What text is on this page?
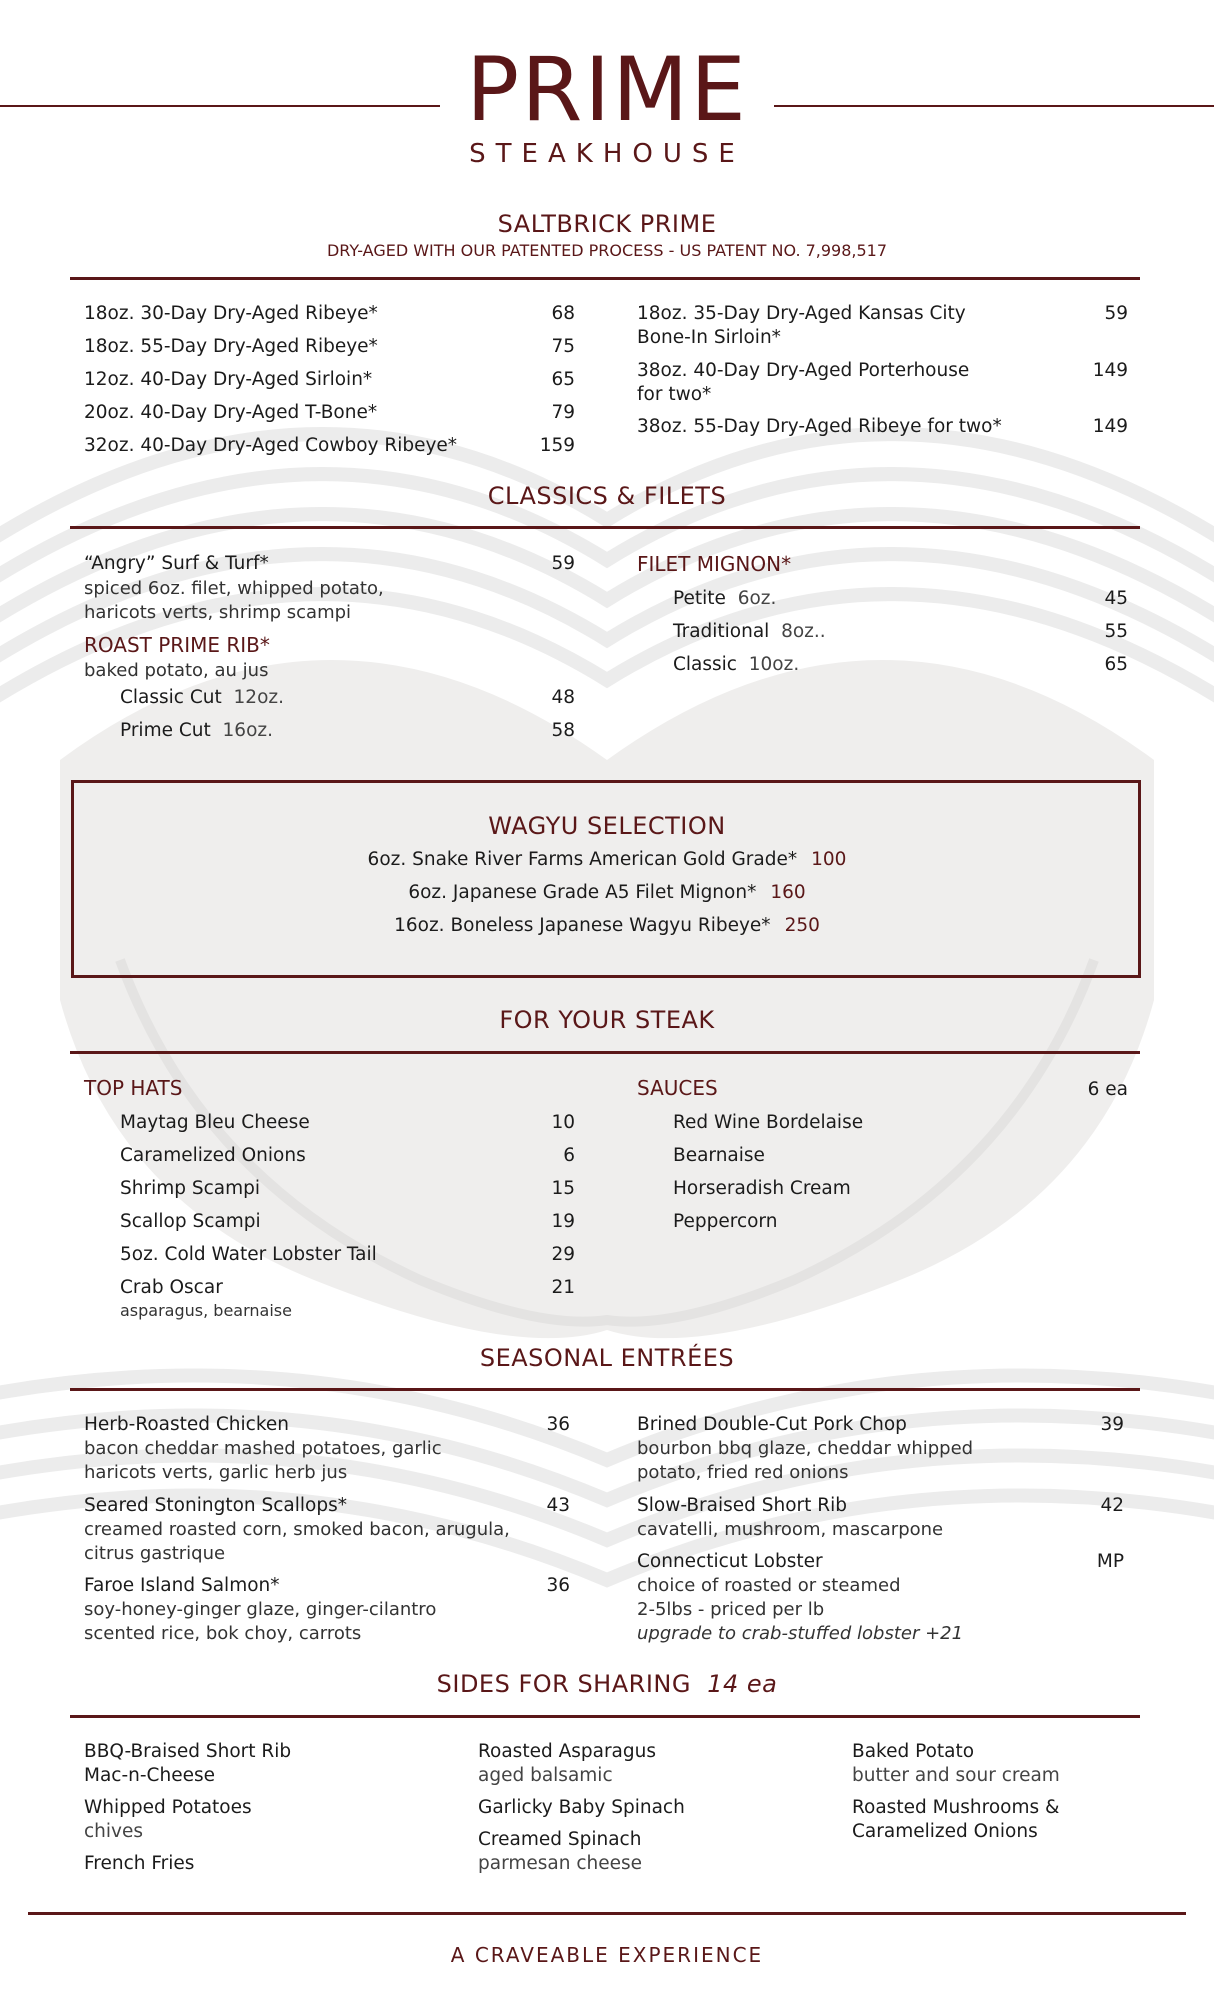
PRIME
STEAKHOUSE
SALTBRICK PRIME
DRY-AGED WITH OUR PATENTED PROCESS - US PATENT NO. 7,998,517
18oz. 30-Day Dry-Aged Ribeye*	68
18oz. 55-Day Dry-Aged Ribeye*	75
12oz. 40-Day Dry-Aged Sirloin*	65
20oz. 40-Day Dry-Aged T-Bone*	79
32oz. 40-Day Dry-Aged Cowboy Ribeye*	159
18oz. 35-Day Dry-Aged Kansas City	59

Bone-In Sirloin*
38oz. 40-Day Dry-Aged Porterhouse	149

for two*
38oz. 55-Day Dry-Aged Ribeye for two*	149
CLASSICS & FILETS
“Angry” Surf & Turf*	59
spiced 6oz. filet, whipped potato,
haricots verts, shrimp scampi
ROAST PRIME RIB*
baked potato, au jus
Classic Cut 12oz.	48
Prime Cut 16oz.	58
FILET MIGNON*
Petite 6oz.	45
Traditional 8oz..	55
Classic 10oz.	65
WAGYU SELECTION
6oz. Snake River Farms American Gold Grade* 100
6oz. Japanese Grade A5 Filet Mignon* 160
16oz. Boneless Japanese Wagyu Ribeye* 250
FOR YOUR STEAK
TOP HATS
Maytag Bleu Cheese	10
Caramelized Onions	6
Shrimp Scampi	15
Scallop Scampi	19
5oz. Cold Water Lobster Tail	29
Crab Oscar	21
asparagus, bearnaise
SAUCES	6 ea
Red Wine Bordelaise
Bearnaise
Horseradish Cream
Peppercorn
SEASONAL ENTRÉES
Herb-Roasted Chicken	36
bacon cheddar mashed potatoes, garlic
haricots verts, garlic herb jus
Seared Stonington Scallops*	43
creamed roasted corn, smoked bacon, arugula,
citrus gastrique
Faroe Island Salmon*	36
soy-honey-ginger glaze, ginger-cilantro
scented rice, bok choy, carrots
Brined Double-Cut Pork Chop	39
bourbon bbq glaze, cheddar whipped
potato, fried red onions
Slow-Braised Short Rib	42
cavatelli, mushroom, mascarpone
Connecticut Lobster	MP
choice of roasted or steamed
2-5lbs - priced per lb
upgrade to crab-stuffed lobster +21
SIDES FOR SHARING 14 ea
BBQ-Braised Short Rib
Mac-n-Cheese
Whipped Potatoes
chives
French Fries
Roasted Asparagus
aged balsamic
Garlicky Baby Spinach
Creamed Spinach
parmesan cheese
Baked Potato
butter and sour cream
Roasted Mushrooms &
Caramelized Onions
A CRAVEABLE EXPERIENCE
